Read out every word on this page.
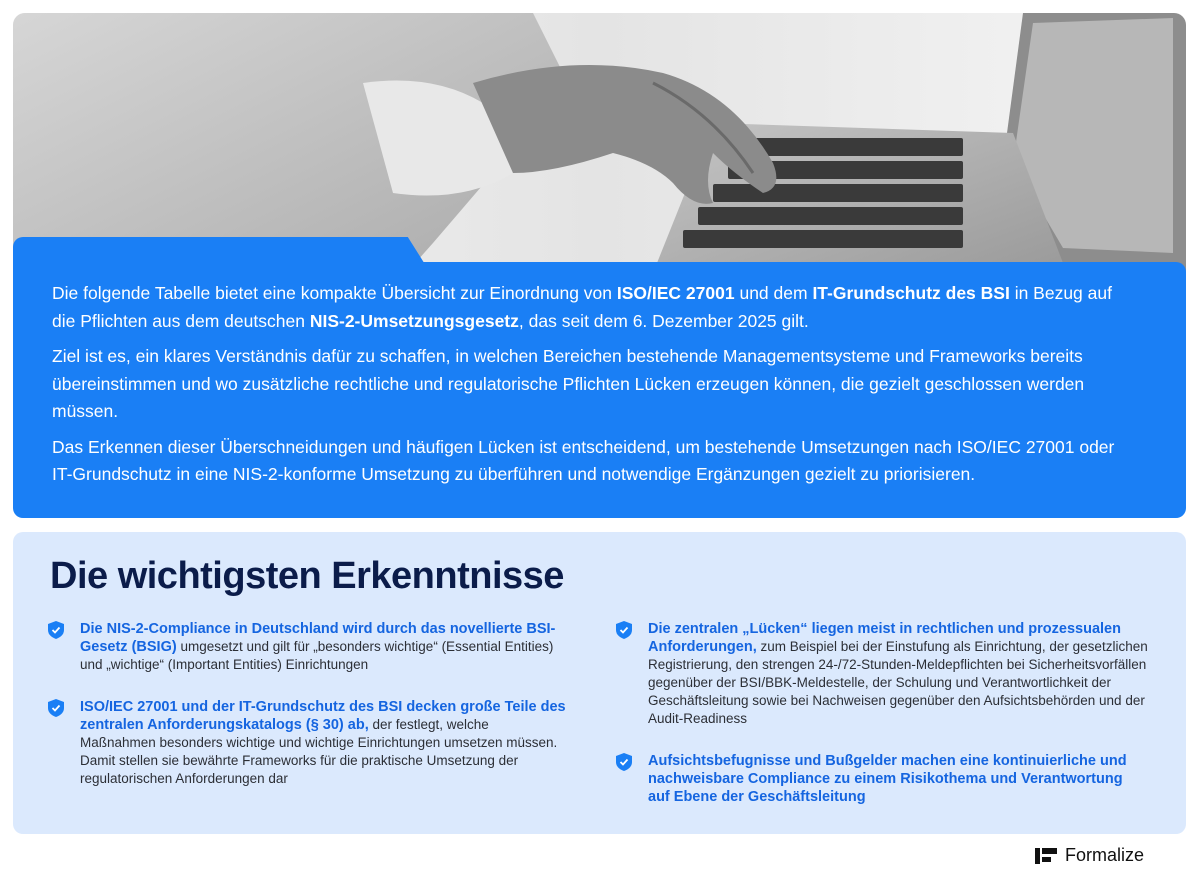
Die folgende Tabelle bietet eine kompakte Übersicht zur Einordnung von ISO/IEC 27001 und dem IT-Grundschutz des BSI in Bezug auf die Pflichten aus dem deutschen NIS-2-Umsetzungsgesetz, das seit dem 6. Dezember 2025 gilt.

Ziel ist es, ein klares Verständnis dafür zu schaffen, in welchen Bereichen bestehende Managementsysteme und Frameworks bereits übereinstimmen und wo zusätzliche rechtliche und regulatorische Pflichten Lücken erzeugen können, die gezielt geschlossen werden müssen.

Das Erkennen dieser Überschneidungen und häufigen Lücken ist entscheidend, um bestehende Umsetzungen nach ISO/IEC 27001 oder IT-Grundschutz in eine NIS-2-konforme Umsetzung zu überführen und notwendige Ergänzungen gezielt zu priorisieren.

Die wichtigsten Erkenntnisse
Die NIS-2-Compliance in Deutschland wird durch das novellierte BSI-Gesetz (BSIG) umgesetzt und gilt für „besonders wichtige“ (Essential Entities) und „wichtige“ (Important Entities) Einrichtungen
ISO/IEC 27001 und der IT-Grundschutz des BSI decken große Teile des zentralen Anforderungskatalogs (§ 30) ab, der festlegt, welche Maßnahmen besonders wichtige und wichtige Einrichtungen umsetzen müssen. Damit stellen sie bewährte Frameworks für die praktische Umsetzung der regulatorischen Anforderungen dar
Die zentralen „Lücken“ liegen meist in rechtlichen und prozessualen Anforderungen, zum Beispiel bei der Einstufung als Einrichtung, der gesetzlichen Registrierung, den strengen 24-/72-Stunden-Meldepflichten bei Sicherheitsvorfällen gegenüber der BSI/BBK-Meldestelle, der Schulung und Verantwortlichkeit der Geschäftsleitung sowie bei Nachweisen gegenüber den Aufsichtsbehörden und der Audit-Readiness
Aufsichtsbefugnisse und Bußgelder machen eine kontinuierliche und nachweisbare Compliance zu einem Risikothema und Verantwortung auf Ebene der Geschäftsleitung
Formalize
